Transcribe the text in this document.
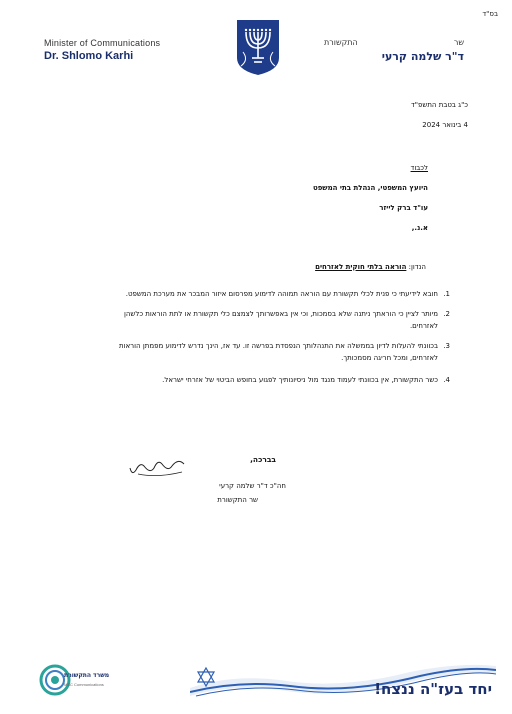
בס"ד
Minister of Communications
Dr. Shlomo Karhi
שר
התקשורת
ד"ר שלמה קרעי
כ"ג בטבת התשפ"ד
4 בינואר 2024
לכבוד
היועץ המשפטי, הנהלת בתי המשפט
עו"ד ברק לייזר
א.נ.,
הנדון: הוראה בלתי חוקית לאזרחים
1.
חובא לידיעתי כי פנית לכלי תקשורת עם הוראה תמוהה לדימוע מפרסום איזור המבכר את מערכת המשפט.
2.
מיותר לציין כי הוראתך ניתנה שלא בסמכות, וכי אין באפשרותך לצמצם כלי תקשורת או לתת הוראות כלשהן
לאזרחים.
3.
בכוונתי להעלות לדיון בממשלה את התנהלותך הנפסדת בפרשה זו. עד אז, הינך נדרש לדימוע מפמתן הוראות
לאזרחים, ומכל חריגה מסמכותך.
4.
כשר התקשורת, אין בכוונתי לעמוד מנגד מול ניסיונותיך לפגוע בחופש הביטוי של אזרחי ישראל.
בברכה,
חה"כ ד"ר שלמה קרעי
שר התקשורת
משרד התקשורת
M&C Communications	יחד בעז"ה ננצח!
